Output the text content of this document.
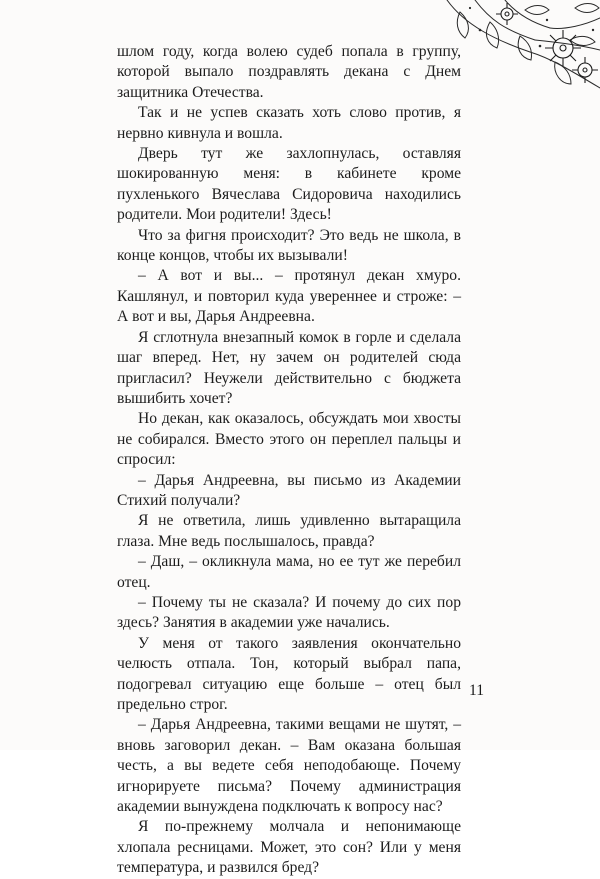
шлом году, когда волею судеб попала в группу, которой выпало поздравлять декана с Днем защитника Отечества.

Так и не успев сказать хоть слово против, я нервно кивнула и вошла.

Дверь тут же захлопнулась, оставляя шокированную меня: в кабинете кроме пухленького Вячеслава Сидоровича находились родители. Мои родители! Здесь!

Что за фигня происходит? Это ведь не школа, в конце концов, чтобы их вызывали!

– А вот и вы... – протянул декан хмуро. Кашлянул, и повторил куда увереннее и строже: – А вот и вы, Дарья Андреевна.

Я сглотнула внезапный комок в горле и сделала шаг вперед. Нет, ну зачем он родителей сюда пригласил? Неужели действительно с бюджета вышибить хочет?

Но декан, как оказалось, обсуждать мои хвосты не собирался. Вместо этого он переплел пальцы и спросил:

– Дарья Андреевна, вы письмо из Академии Стихий получали?

Я не ответила, лишь удивленно вытаращила глаза. Мне ведь послышалось, правда?

– Даш, – окликнула мама, но ее тут же перебил отец.

– Почему ты не сказала? И почему до сих пор здесь? Занятия в академии уже начались.

У меня от такого заявления окончательно челюсть отпала. Тон, который выбрал папа, подогревал ситуацию еще больше – отец был предельно строг.

– Дарья Андреевна, такими вещами не шутят, – вновь заговорил декан. – Вам оказана большая честь, а вы ведете себя неподобающе. Почему игнорируете письма? Почему администрация академии вынуждена подключать к вопросу нас?

Я по-прежнему молчала и непонимающе хлопала ресницами. Может, это сон? Или у меня температура, и развился бред?

11
